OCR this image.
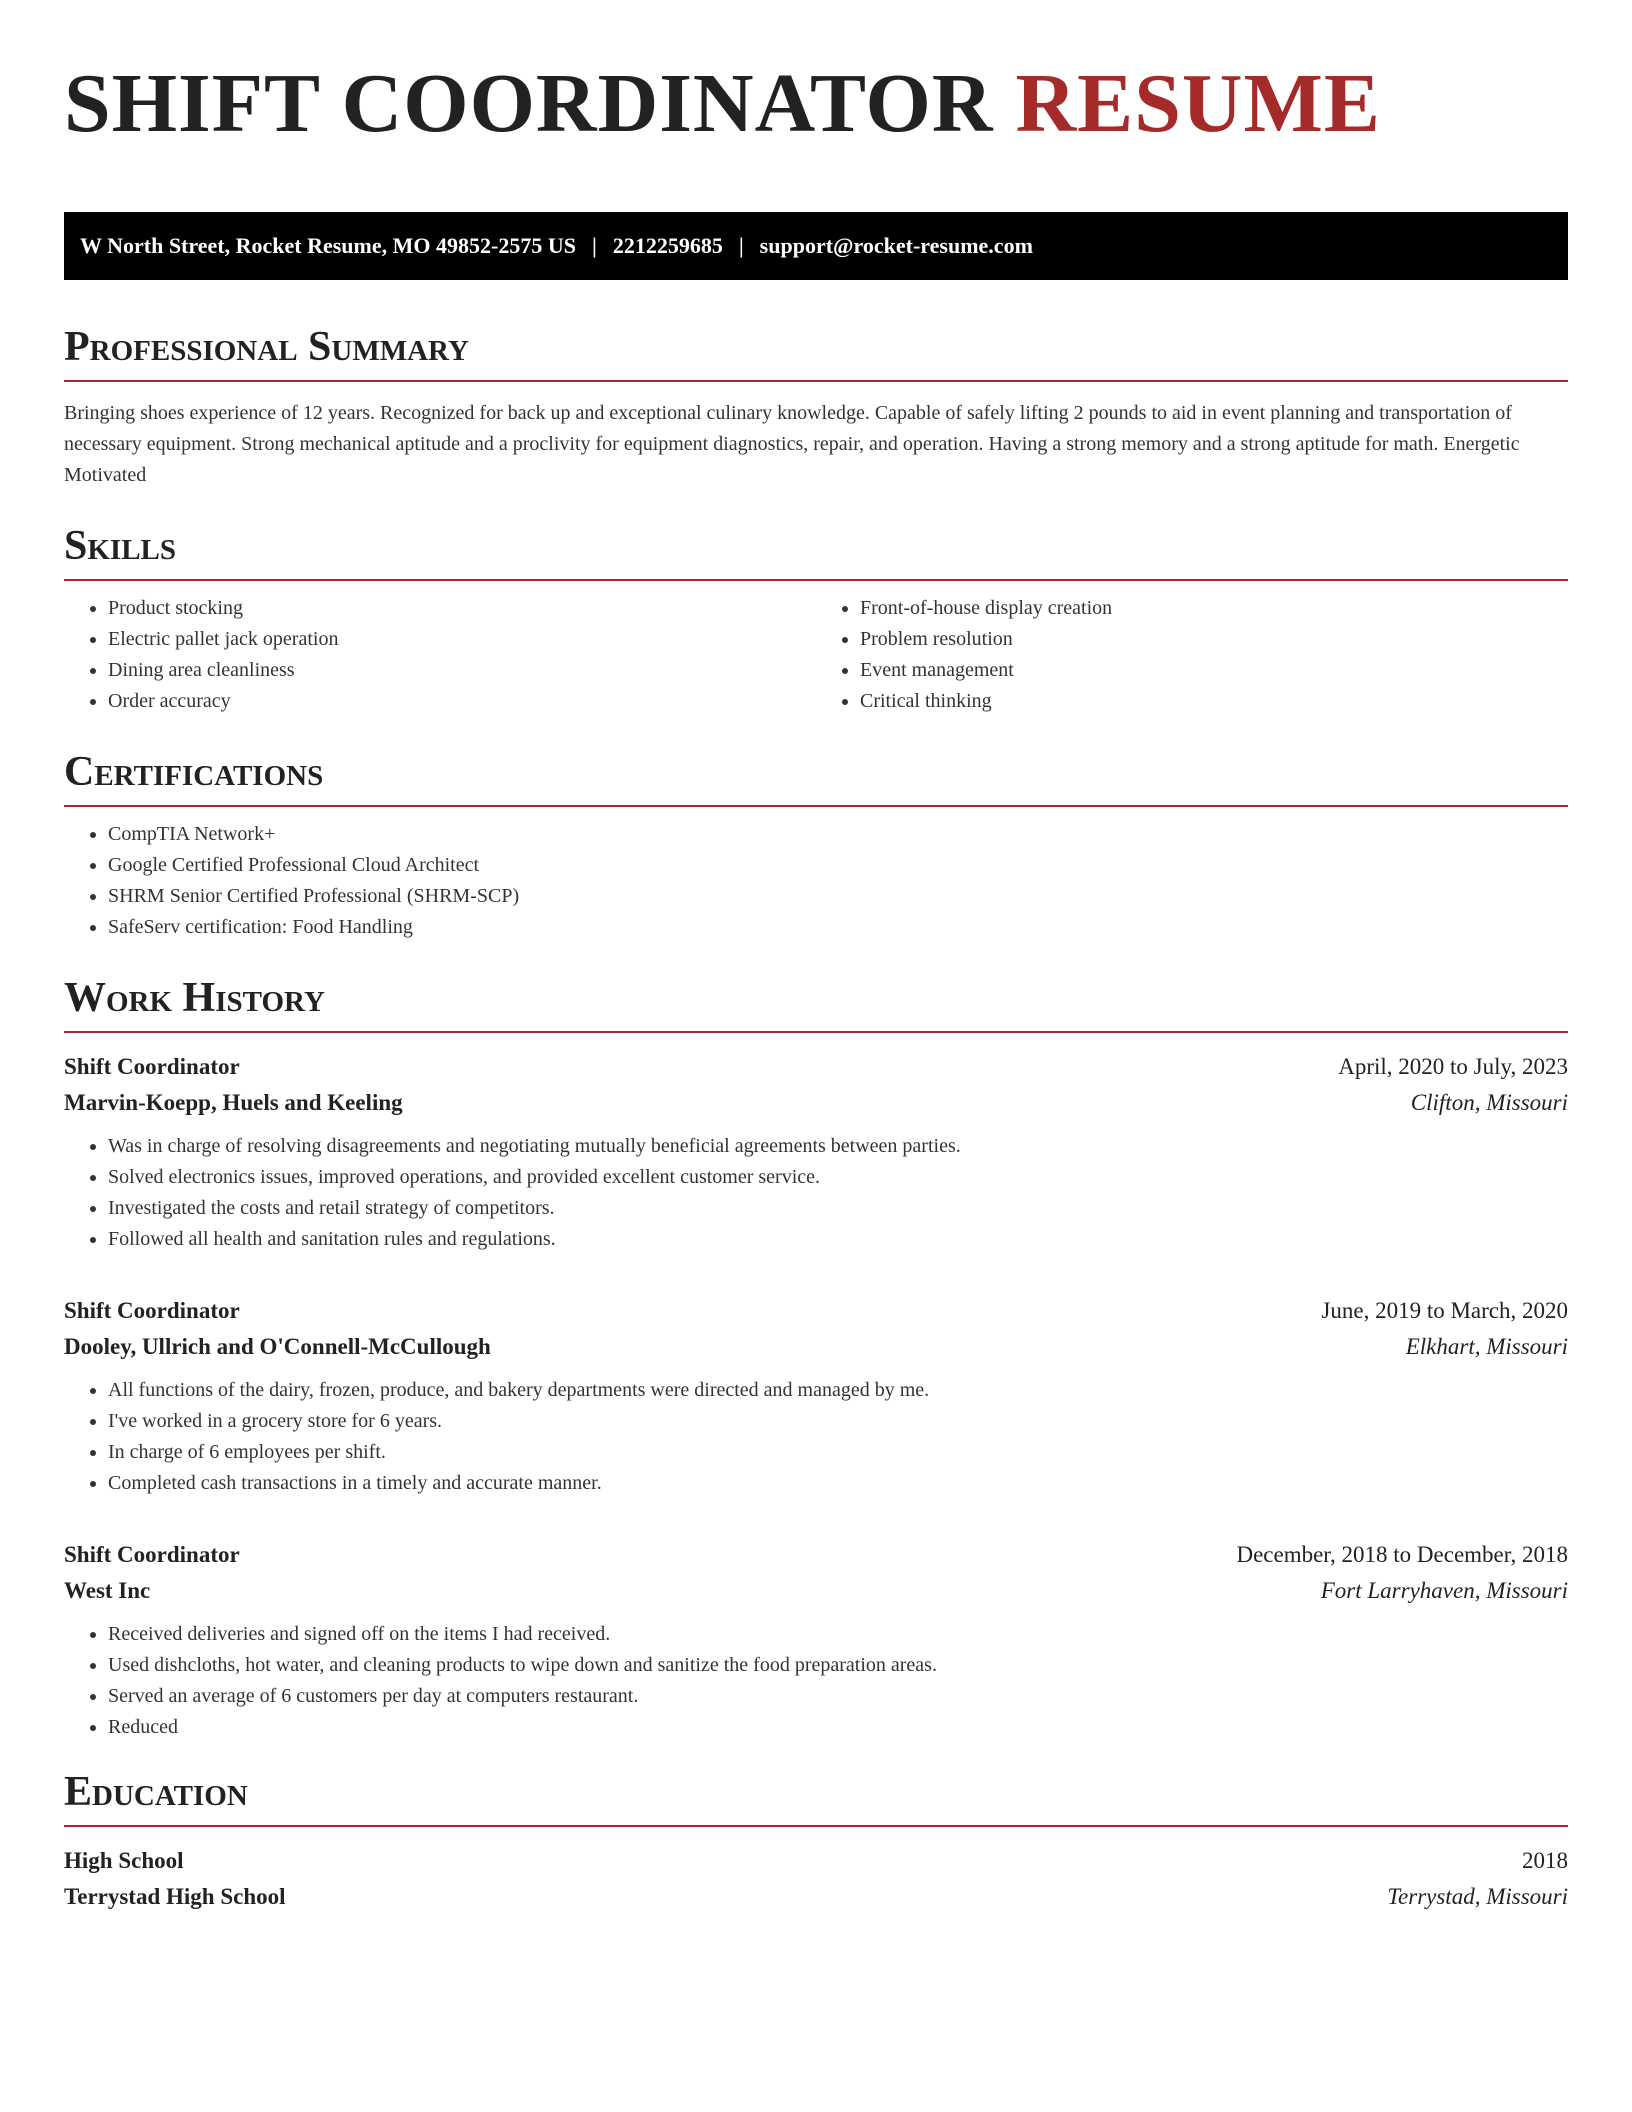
SHIFT COORDINATOR RESUME
W North Street, Rocket Resume, MO 49852-2575 US | 2212259685 | support@rocket-resume.com
Professional Summary
Bringing shoes experience of 12 years. Recognized for back up and exceptional culinary knowledge. Capable of safely lifting 2 pounds to aid in event planning and transportation of necessary equipment. Strong mechanical aptitude and a proclivity for equipment diagnostics, repair, and operation. Having a strong memory and a strong aptitude for math. Energetic Motivated
Skills
• Product stocking
• Electric pallet jack operation
• Dining area cleanliness
• Order accuracy
• Front-of-house display creation
• Problem resolution
• Event management
• Critical thinking
Certifications
• CompTIA Network+
• Google Certified Professional Cloud Architect
• SHRM Senior Certified Professional (SHRM-SCP)
• SafeServ certification: Food Handling
Work History
Shift Coordinator	April, 2020 to July, 2023
Marvin-Koepp, Huels and Keeling	Clifton, Missouri
• Was in charge of resolving disagreements and negotiating mutually beneficial agreements between parties.
• Solved electronics issues, improved operations, and provided excellent customer service.
• Investigated the costs and retail strategy of competitors.
• Followed all health and sanitation rules and regulations.
Shift Coordinator	June, 2019 to March, 2020
Dooley, Ullrich and O'Connell-McCullough	Elkhart, Missouri
• All functions of the dairy, frozen, produce, and bakery departments were directed and managed by me.
• I've worked in a grocery store for 6 years.
• In charge of 6 employees per shift.
• Completed cash transactions in a timely and accurate manner.
Shift Coordinator	December, 2018 to December, 2018
West Inc	Fort Larryhaven, Missouri
• Received deliveries and signed off on the items I had received.
• Used dishcloths, hot water, and cleaning products to wipe down and sanitize the food preparation areas.
• Served an average of 6 customers per day at computers restaurant.
• Reduced
Education
High School	2018
Terrystad High School	Terrystad, Missouri
